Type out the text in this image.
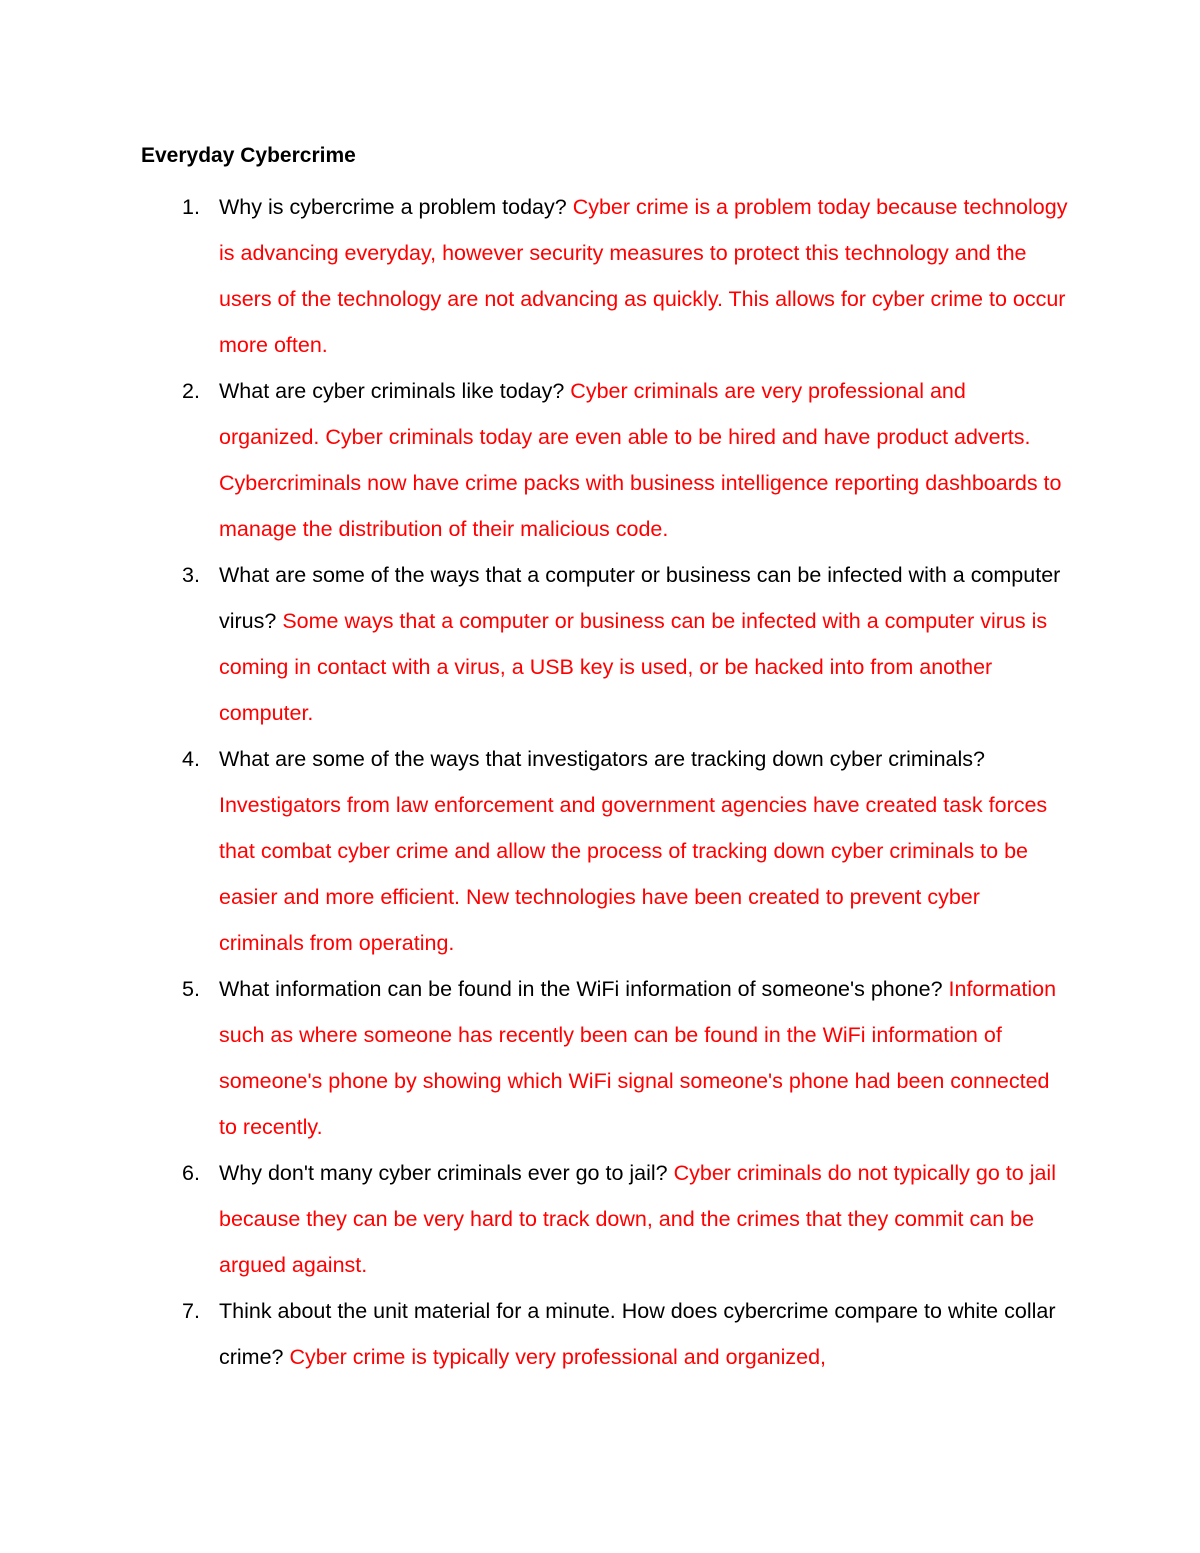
Everyday Cybercrime
1. Why is cybercrime a problem today? Cyber crime is a problem today because technology is advancing everyday, however security measures to protect this technology and the users of the technology are not advancing as quickly. This allows for cyber crime to occur more often.
2. What are cyber criminals like today? Cyber criminals are very professional and organized. Cyber criminals today are even able to be hired and have product adverts. Cybercriminals now have crime packs with business intelligence reporting dashboards to manage the distribution of their malicious code.
3. What are some of the ways that a computer or business can be infected with a computer virus? Some ways that a computer or business can be infected with a computer virus is coming in contact with a virus, a USB key is used, or be hacked into from another computer.
4. What are some of the ways that investigators are tracking down cyber criminals? Investigators from law enforcement and government agencies have created task forces that combat cyber crime and allow the process of tracking down cyber criminals to be easier and more efficient. New technologies have been created to prevent cyber criminals from operating.
5. What information can be found in the WiFi information of someone's phone? Information such as where someone has recently been can be found in the WiFi information of someone's phone by showing which WiFi signal someone's phone had been connected to recently.
6. Why don't many cyber criminals ever go to jail? Cyber criminals do not typically go to jail because they can be very hard to track down, and the crimes that they commit can be argued against.
7. Think about the unit material for a minute. How does cybercrime compare to white collar crime? Cyber crime is typically very professional and organized,
